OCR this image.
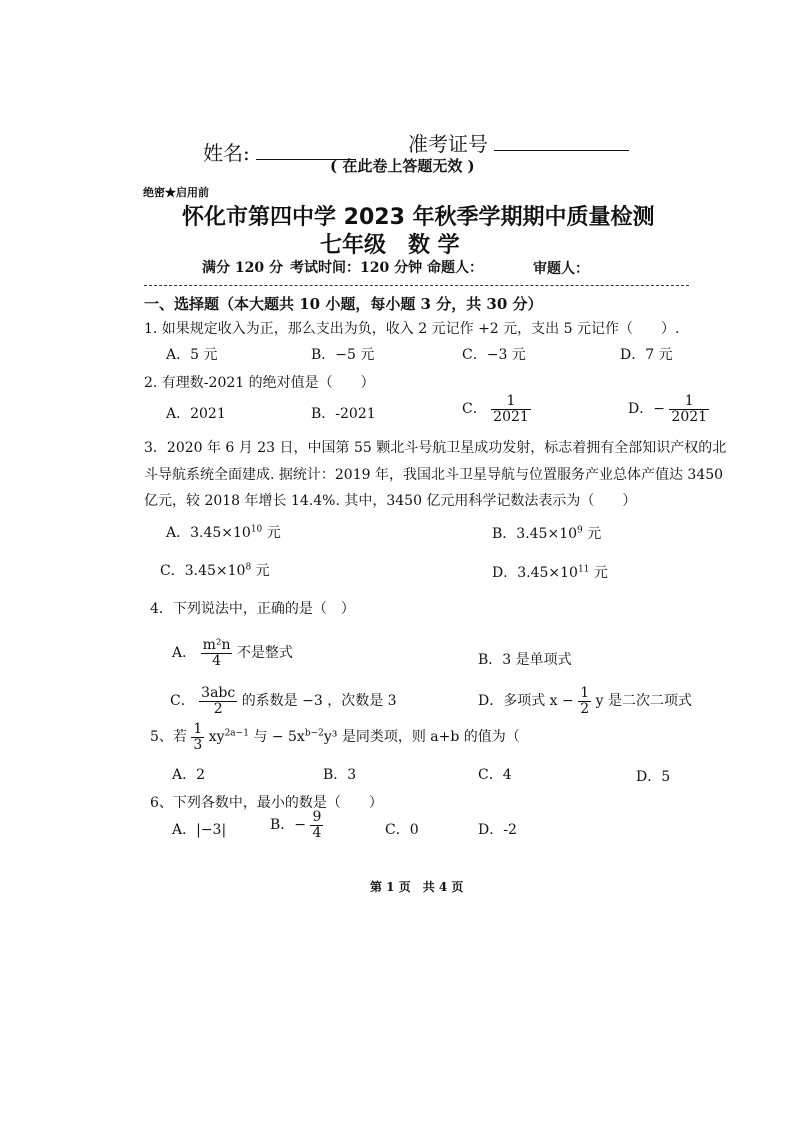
姓名:	准考证号
( 在此卷上答题无效 )
绝密★启用前
怀化市第四中学 2023 年秋季学期期中质量检测
七年级　数 学
满分 120 分 考试时间：120 分钟 命题人：	审题人：
一、选择题（本大题共 10 小题，每小题 3 分，共 30 分）
1. 如果规定收入为正，那么支出为负，收入 2 元记作 +2 元，支出 5 元记作（　　）.
A．5 元	B．−5 元	C．−3 元	D．7 元
2. 有理数-2021 的绝对值是（　　）
A．2021	B．-2021	C． $\frac{1}{2021}$	D．− $\frac{1}{2021}$
3．2020 年 6 月 23 日，中国第 55 颗北斗号航卫星成功发射，标志着拥有全部知识产权的北
斗导航系统全面建成. 据统计：2019 年，我国北斗卫星导航与位置服务产业总体产值达 3450
亿元，较 2018 年增长 14.4%. 其中，3450 亿元用科学记数法表示为（　　）
A．$3.45\times 10^{10}$ 元	B．$3.45\times 10^9$ 元
C．$3.45\times 10^8$ 元	D．$3.45\times 10^{11}$ 元
4．下列说法中，正确的是（　）
A． $\frac{\text{m²n}}{4}$ 不是整式	B．3 是单项式
C． $\frac{\text{3abc}}{2}$ 的系数是 −3 ，次数是 3	D．多项式 $x - \frac{1}{2}$ y 是二次二项式
5、若 $\frac{1}{3} xy^{2a-1}$ 与 − $5x^{b-2}y^3$ 是同类项，则 a+b 的值为（
A．2	B．3	C．4	D．5
6、下列各数中，最小的数是（　　）
A．|−3|	B．− $\frac{9}{4}$	C．0	D．-2
第 1 页　共 4 页
